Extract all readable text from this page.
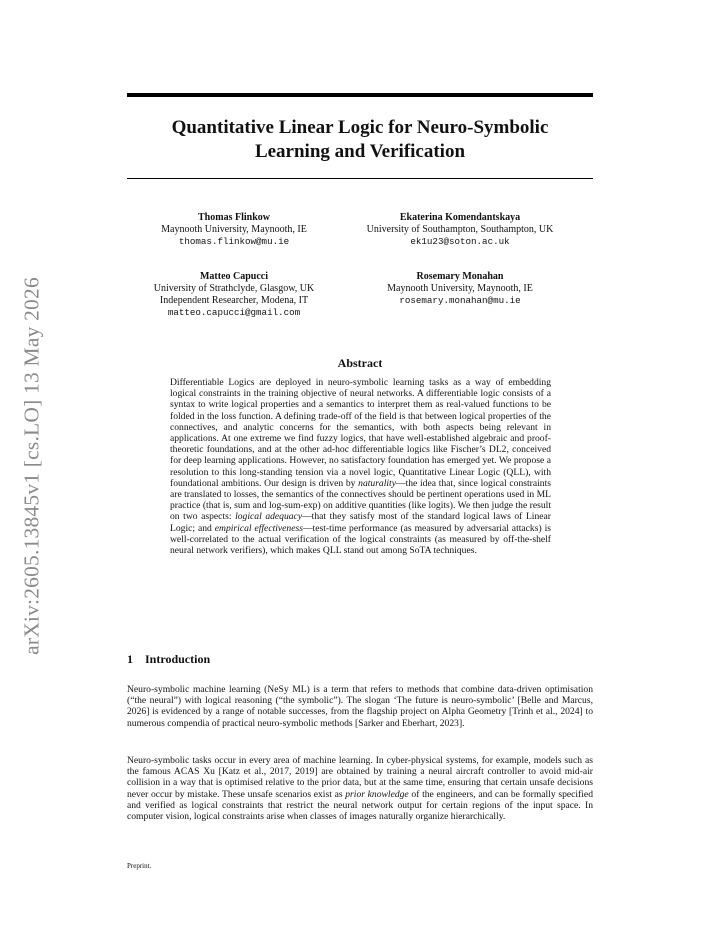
arXiv:2605.13845v1 [cs.LO] 13 May 2026
Quantitative Linear Logic for Neuro-Symbolic
Learning and Verification
Thomas Flinkow
Maynooth University, Maynooth, IE
thomas.flinkow@mu.ie
Ekaterina Komendantskaya
University of Southampton, Southampton, UK
ek1u23@soton.ac.uk
Matteo Capucci
University of Strathclyde, Glasgow, UK
Independent Researcher, Modena, IT
matteo.capucci@gmail.com
Rosemary Monahan
Maynooth University, Maynooth, IE
rosemary.monahan@mu.ie
Abstract
Differentiable Logics are deployed in neuro-symbolic learning tasks as a way of embedding logical constraints in the training objective of neural networks. A differentiable logic consists of a syntax to write logical properties and a semantics to interpret them as real-valued functions to be folded in the loss function. A defining trade-off of the field is that between logical properties of the connectives, and analytic concerns for the semantics, with both aspects being relevant in applications. At one extreme we find fuzzy logics, that have well-established algebraic and proof-theoretic foundations, and at the other ad-hoc differentiable logics like Fischer’s DL2, conceived for deep learning applications. However, no satisfactory foundation has emerged yet. We propose a resolution to this long-standing tension via a novel logic, Quantitative Linear Logic (QLL), with foundational ambitions. Our design is driven by naturality—the idea that, since logical constraints are translated to losses, the semantics of the connectives should be pertinent operations used in ML practice (that is, sum and log-sum-exp) on additive quantities (like logits). We then judge the result on two aspects: logical adequacy—that they satisfy most of the standard logical laws of Linear Logic; and empirical effectiveness—test-time performance (as measured by adversarial attacks) is well-correlated to the actual verification of the logical constraints (as measured by off-the-shelf neural network verifiers), which makes QLL stand out among SoTA techniques.
1 Introduction
Neuro-symbolic machine learning (NeSy ML) is a term that refers to methods that combine data-driven optimisation (“the neural”) with logical reasoning (“the symbolic”). The slogan ‘The future is neuro-symbolic’ [Belle and Marcus, 2026] is evidenced by a range of notable successes, from the flagship project on Alpha Geometry [Trinh et al., 2024] to numerous compendia of practical neuro-symbolic methods [Sarker and Eberhart, 2023].
Neuro-symbolic tasks occur in every area of machine learning. In cyber-physical systems, for example, models such as the famous ACAS Xu [Katz et al., 2017, 2019] are obtained by training a neural aircraft controller to avoid mid-air collision in a way that is optimised relative to the prior data, but at the same time, ensuring that certain unsafe decisions never occur by mistake. These unsafe scenarios exist as prior knowledge of the engineers, and can be formally specified and verified as logical constraints that restrict the neural network output for certain regions of the input space. In computer vision, logical constraints arise when classes of images naturally organize hierarchically.
Preprint.
